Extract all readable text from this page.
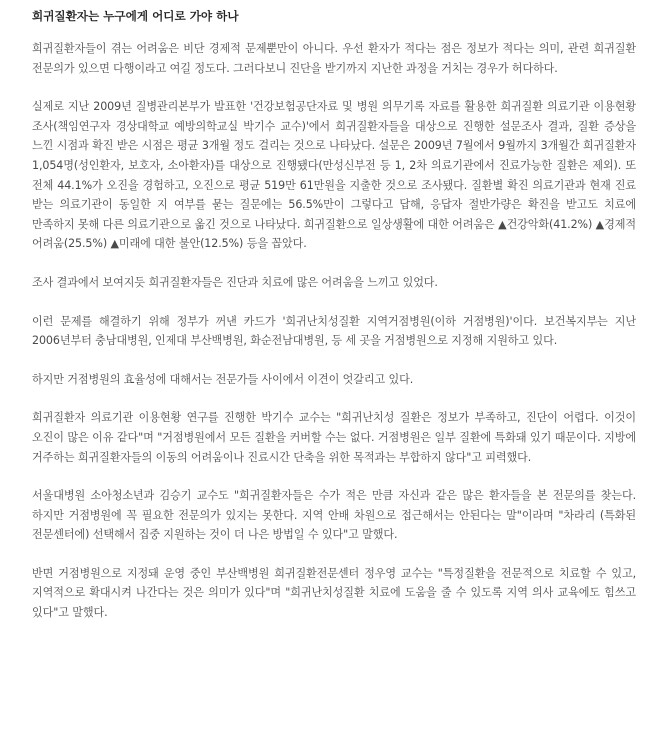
희귀질환자는 누구에게 어디로 가야 하나

희귀질환자들이 겪는 어려움은 비단 경제적 문제뿐만이 아니다. 우선 환자가 적다는 점은 정보가 적다는 의미, 관련 희귀질환 전문의가 있으면 다행이라고 여길 정도다. 그러다보니 진단을 받기까지 지난한 과정을 거치는 경우가 허다하다.

실제로 지난 2009년 질병관리본부가 발표한 '건강보험공단자료 및 병원 의무기록 자료를 활용한 희귀질환 의료기관 이용현황 조사(책임연구자 경상대학교 예방의학교실 박기수 교수)'에서 희귀질환자들을 대상으로 진행한 설문조사 결과, 질환 증상을 느낀 시점과 확진 받은 시점은 평균 3개월 정도 걸리는 것으로 나타났다. 설문은 2009년 7월에서 9월까지 3개월간 희귀질환자 1,054명(성인환자, 보호자, 소아환자)를 대상으로 진행됐다(만성신부전 등 1, 2차 의료기관에서 진료가능한 질환은 제외). 또 전체 44.1%가 오진을 경험하고, 오진으로 평균 519만 61만원을 지출한 것으로 조사됐다. 질환별 확진 의료기관과 현재 진료 받는 의료기관이 동일한 지 여부를 묻는 질문에는 56.5%만이 그렇다고 답해, 응답자 절반가량은 확진을 받고도 치료에 만족하지 못해 다른 의료기관으로 옮긴 것으로 나타났다. 희귀질환으로 일상생활에 대한 어려움은 ▲건강악화(41.2%) ▲경제적 어려움(25.5%) ▲미래에 대한 불안(12.5%) 등을 꼽았다.

조사 결과에서 보여지듯 희귀질환자들은 진단과 치료에 많은 어려움을 느끼고 있었다.

이런 문제를 해결하기 위해 정부가 꺼낸 카드가 '희귀난치성질환 지역거점병원(이하 거점병원)'이다. 보건복지부는 지난 2006년부터 충남대병원, 인제대 부산백병원, 화순전남대병원, 등 세 곳을 거점병원으로 지정해 지원하고 있다.

하지만 거점병원의 효율성에 대해서는 전문가들 사이에서 이견이 엇갈리고 있다.

희귀질환자 의료기관 이용현황 연구를 진행한 박기수 교수는 "희귀난치성 질환은 정보가 부족하고, 진단이 어렵다. 이것이 오진이 많은 이유 같다"며 "거점병원에서 모든 질환을 커버할 수는 없다. 거점병원은 일부 질환에 특화돼 있기 때문이다. 지방에 거주하는 희귀질환자들의 이동의 어려움이나 진료시간 단축을 위한 목적과는 부합하지 않다"고 피력했다.

서울대병원 소아청소년과 김승기 교수도 "희귀질환자들은 수가 적은 만큼 자신과 같은 많은 환자들을 본 전문의를 찾는다. 하지만 거점병원에 꼭 필요한 전문의가 있지는 못한다. 지역 안배 차원으로 접근해서는 안된다는 말"이라며 "차라리 (특화된 전문센터에) 선택해서 집중 지원하는 것이 더 나은 방법일 수 있다"고 말했다.

반면 거점병원으로 지정돼 운영 중인 부산백병원 희귀질환전문센터 정우영 교수는 "특정질환을 전문적으로 치료할 수 있고, 지역적으로 확대시켜 나간다는 것은 의미가 있다"며 "희귀난치성질환 치료에 도움을 줄 수 있도록 지역 의사 교육에도 힘쓰고 있다"고 말했다.
